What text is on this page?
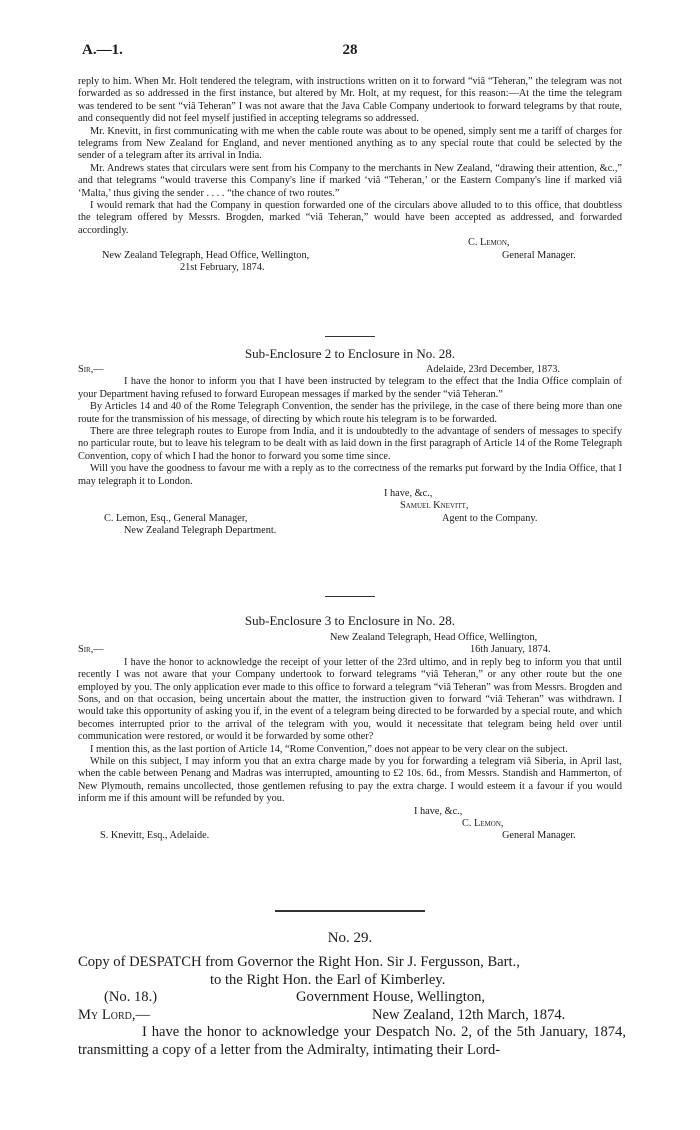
A.—1.	28

reply to him. When Mr. Holt tendered the telegram, with instructions written on it to forward “viâ “Teheran,” the telegram was not forwarded as so addressed in the first instance, but altered by Mr. Holt, at my request, for this reason:—At the time the telegram was tendered to be sent “viâ Teheran” I was not aware that the Java Cable Company undertook to forward telegrams by that route, and consequently did not feel myself justified in accepting telegrams so addressed.

Mr. Knevitt, in first communicating with me when the cable route was about to be opened, simply sent me a tariff of charges for telegrams from New Zealand for England, and never mentioned anything as to any special route that could be selected by the sender of a telegram after its arrival in India.

Mr. Andrews states that circulars were sent from his Company to the merchants in New Zealand, “drawing their attention, &c.,” and that telegrams “would traverse this Company's line if marked ‘viâ “Teheran,’ or the Eastern Company's line if marked viâ ‘Malta,’ thus giving the sender . . . . “the chance of two routes.”

I would remark that had the Company in question forwarded one of the circulars above alluded to to this office, that doubtless the telegram offered by Messrs. Brogden, marked “viâ Teheran,” would have been accepted as addressed, and forwarded accordingly.

C. Lemon,
New Zealand Telegraph, Head Office, Wellington,	General Manager.
21st February, 1874.
Sub-Enclosure 2 to Enclosure in No. 28.
Sir,—	Adelaide, 23rd December, 1873.

I have the honor to inform you that I have been instructed by telegram to the effect that the India Office complain of your Department having refused to forward European messages if marked by the sender “viâ Teheran.”

By Articles 14 and 40 of the Rome Telegraph Convention, the sender has the privilege, in the case of there being more than one route for the transmission of his message, of directing by which route his telegram is to be forwarded.

There are three telegraph routes to Europe from India, and it is undoubtedly to the advantage of senders of messages to specify no particular route, but to leave his telegram to be dealt with as laid down in the first paragraph of Article 14 of the Rome Telegraph Convention, copy of which I had the honor to forward you some time since.

Will you have the goodness to favour me with a reply as to the correctness of the remarks put forward by the India Office, that I may telegraph it to London.

I have, &c.,
Samuel Knevitt,
C. Lemon, Esq., General Manager,	Agent to the Company.
New Zealand Telegraph Department.
Sub-Enclosure 3 to Enclosure in No. 28.
New Zealand Telegraph, Head Office, Wellington,
Sir,—	16th January, 1874.

I have the honor to acknowledge the receipt of your letter of the 23rd ultimo, and in reply beg to inform you that until recently I was not aware that your Company undertook to forward telegrams “viâ Teheran,” or any other route but the one employed by you. The only application ever made to this office to forward a telegram “viâ Teheran” was from Messrs. Brogden and Sons, and on that occasion, being uncertain about the matter, the instruction given to forward “viâ Teheran” was withdrawn. I would take this opportunity of asking you if, in the event of a telegram being directed to be forwarded by a special route, and which becomes interrupted prior to the arrival of the telegram with you, would it necessitate that telegram being held over until communication were restored, or would it be forwarded by some other?

I mention this, as the last portion of Article 14, “Rome Convention,” does not appear to be very clear on the subject.

While on this subject, I may inform you that an extra charge made by you for forwarding a telegram viâ Siberia, in April last, when the cable between Penang and Madras was interrupted, amounting to £2 10s. 6d., from Messrs. Standish and Hammerton, of New Plymouth, remains uncollected, those gentlemen refusing to pay the extra charge. I would esteem it a favour if you would inform me if this amount will be refunded by you.

I have, &c.,
C. Lemon,
S. Knevitt, Esq., Adelaide.	General Manager.
No. 29.
Copy of DESPATCH from Governor the Right Hon. Sir J. Fergusson, Bart.,
to the Right Hon. the Earl of Kimberley.
(No. 18.)	Government House, Wellington,
My Lord,—	New Zealand, 12th March, 1874.

I have the honor to acknowledge your Despatch No. 2, of the 5th January, 1874, transmitting a copy of a letter from the Admiralty, intimating their Lord-
